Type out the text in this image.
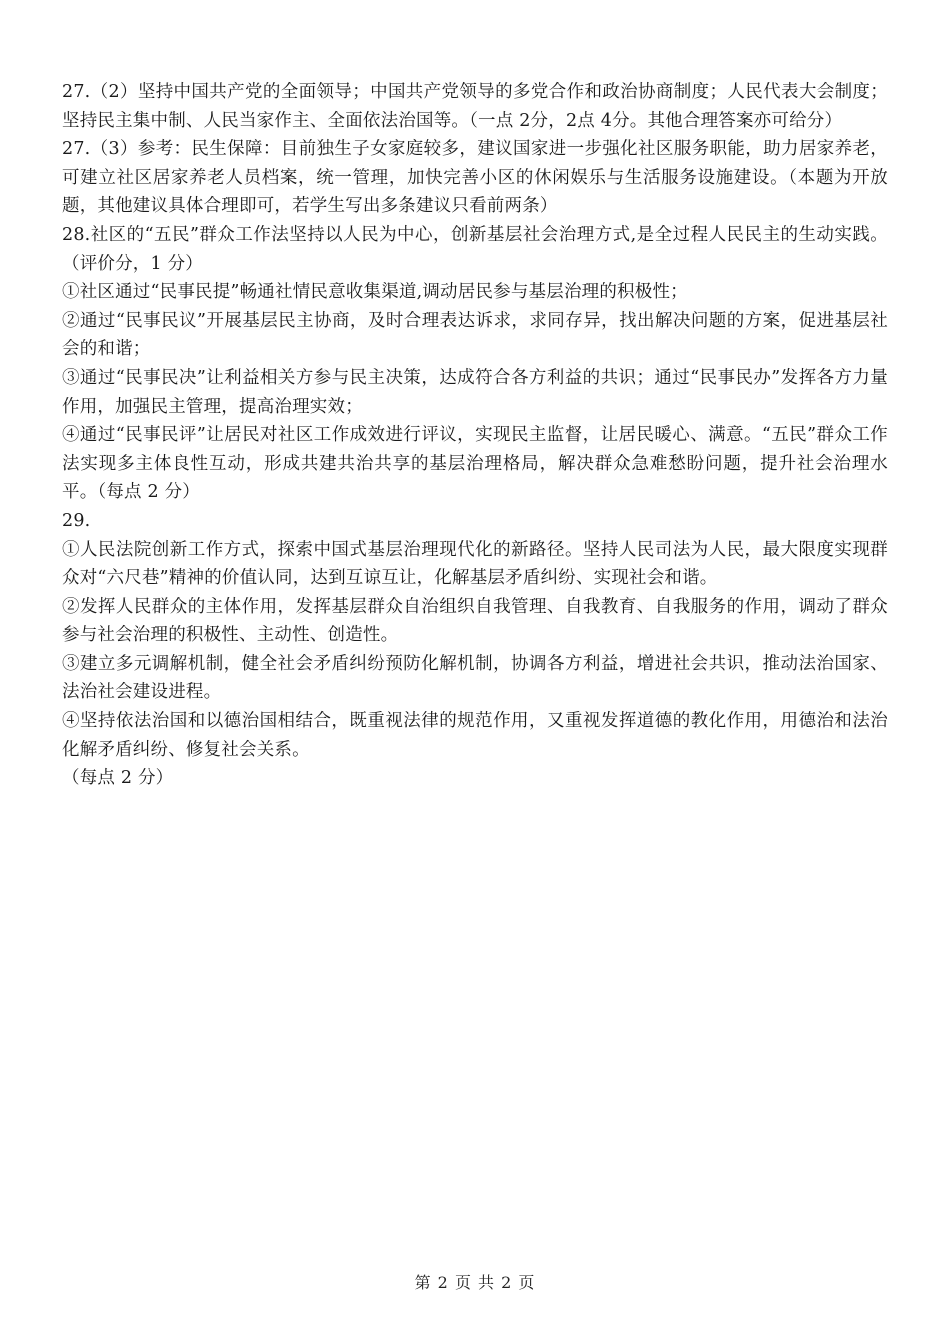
27.（2）坚持中国共产党的全面领导；中国共产党领导的多党合作和政治协商制度；人民代表大会制度；坚持民主集中制、人民当家作主、全面依法治国等。（一点 2分，2点 4分。其他合理答案亦可给分）

27.（3）参考：民生保障：目前独生子女家庭较多，建议国家进一步强化社区服务职能，助力居家养老，可建立社区居家养老人员档案，统一管理，加快完善小区的休闲娱乐与生活服务设施建设。（本题为开放题，其他建议具体合理即可，若学生写出多条建议只看前两条）

28.社区的“五民”群众工作法坚持以人民为中心，创新基层社会治理方式,是全过程人民民主的生动实践。（评价分，1 分）

①社区通过“民事民提”畅通社情民意收集渠道,调动居民参与基层治理的积极性；

②通过“民事民议”开展基层民主协商，及时合理表达诉求，求同存异，找出解决问题的方案，促进基层社会的和谐；

③通过“民事民决”让利益相关方参与民主决策，达成符合各方利益的共识；通过“民事民办”发挥各方力量作用，加强民主管理，提高治理实效；

④通过“民事民评”让居民对社区工作成效进行评议，实现民主监督，让居民暖心、满意。“五民”群众工作法实现多主体良性互动，形成共建共治共享的基层治理格局，解决群众急难愁盼问题，提升社会治理水平。（每点 2 分）

29.

①人民法院创新工作方式，探索中国式基层治理现代化的新路径。坚持人民司法为人民，最大限度实现群众对“六尺巷”精神的价值认同，达到互谅互让，化解基层矛盾纠纷、实现社会和谐。

②发挥人民群众的主体作用，发挥基层群众自治组织自我管理、自我教育、自我服务的作用，调动了群众参与社会治理的积极性、主动性、创造性。

③建立多元调解机制，健全社会矛盾纠纷预防化解机制，协调各方利益，增进社会共识，推动法治国家、法治社会建设进程。

④坚持依法治国和以德治国相结合，既重视法律的规范作用，又重视发挥道德的教化作用，用德治和法治化解矛盾纠纷、修复社会关系。

（每点 2 分）

第 2 页 共 2 页
